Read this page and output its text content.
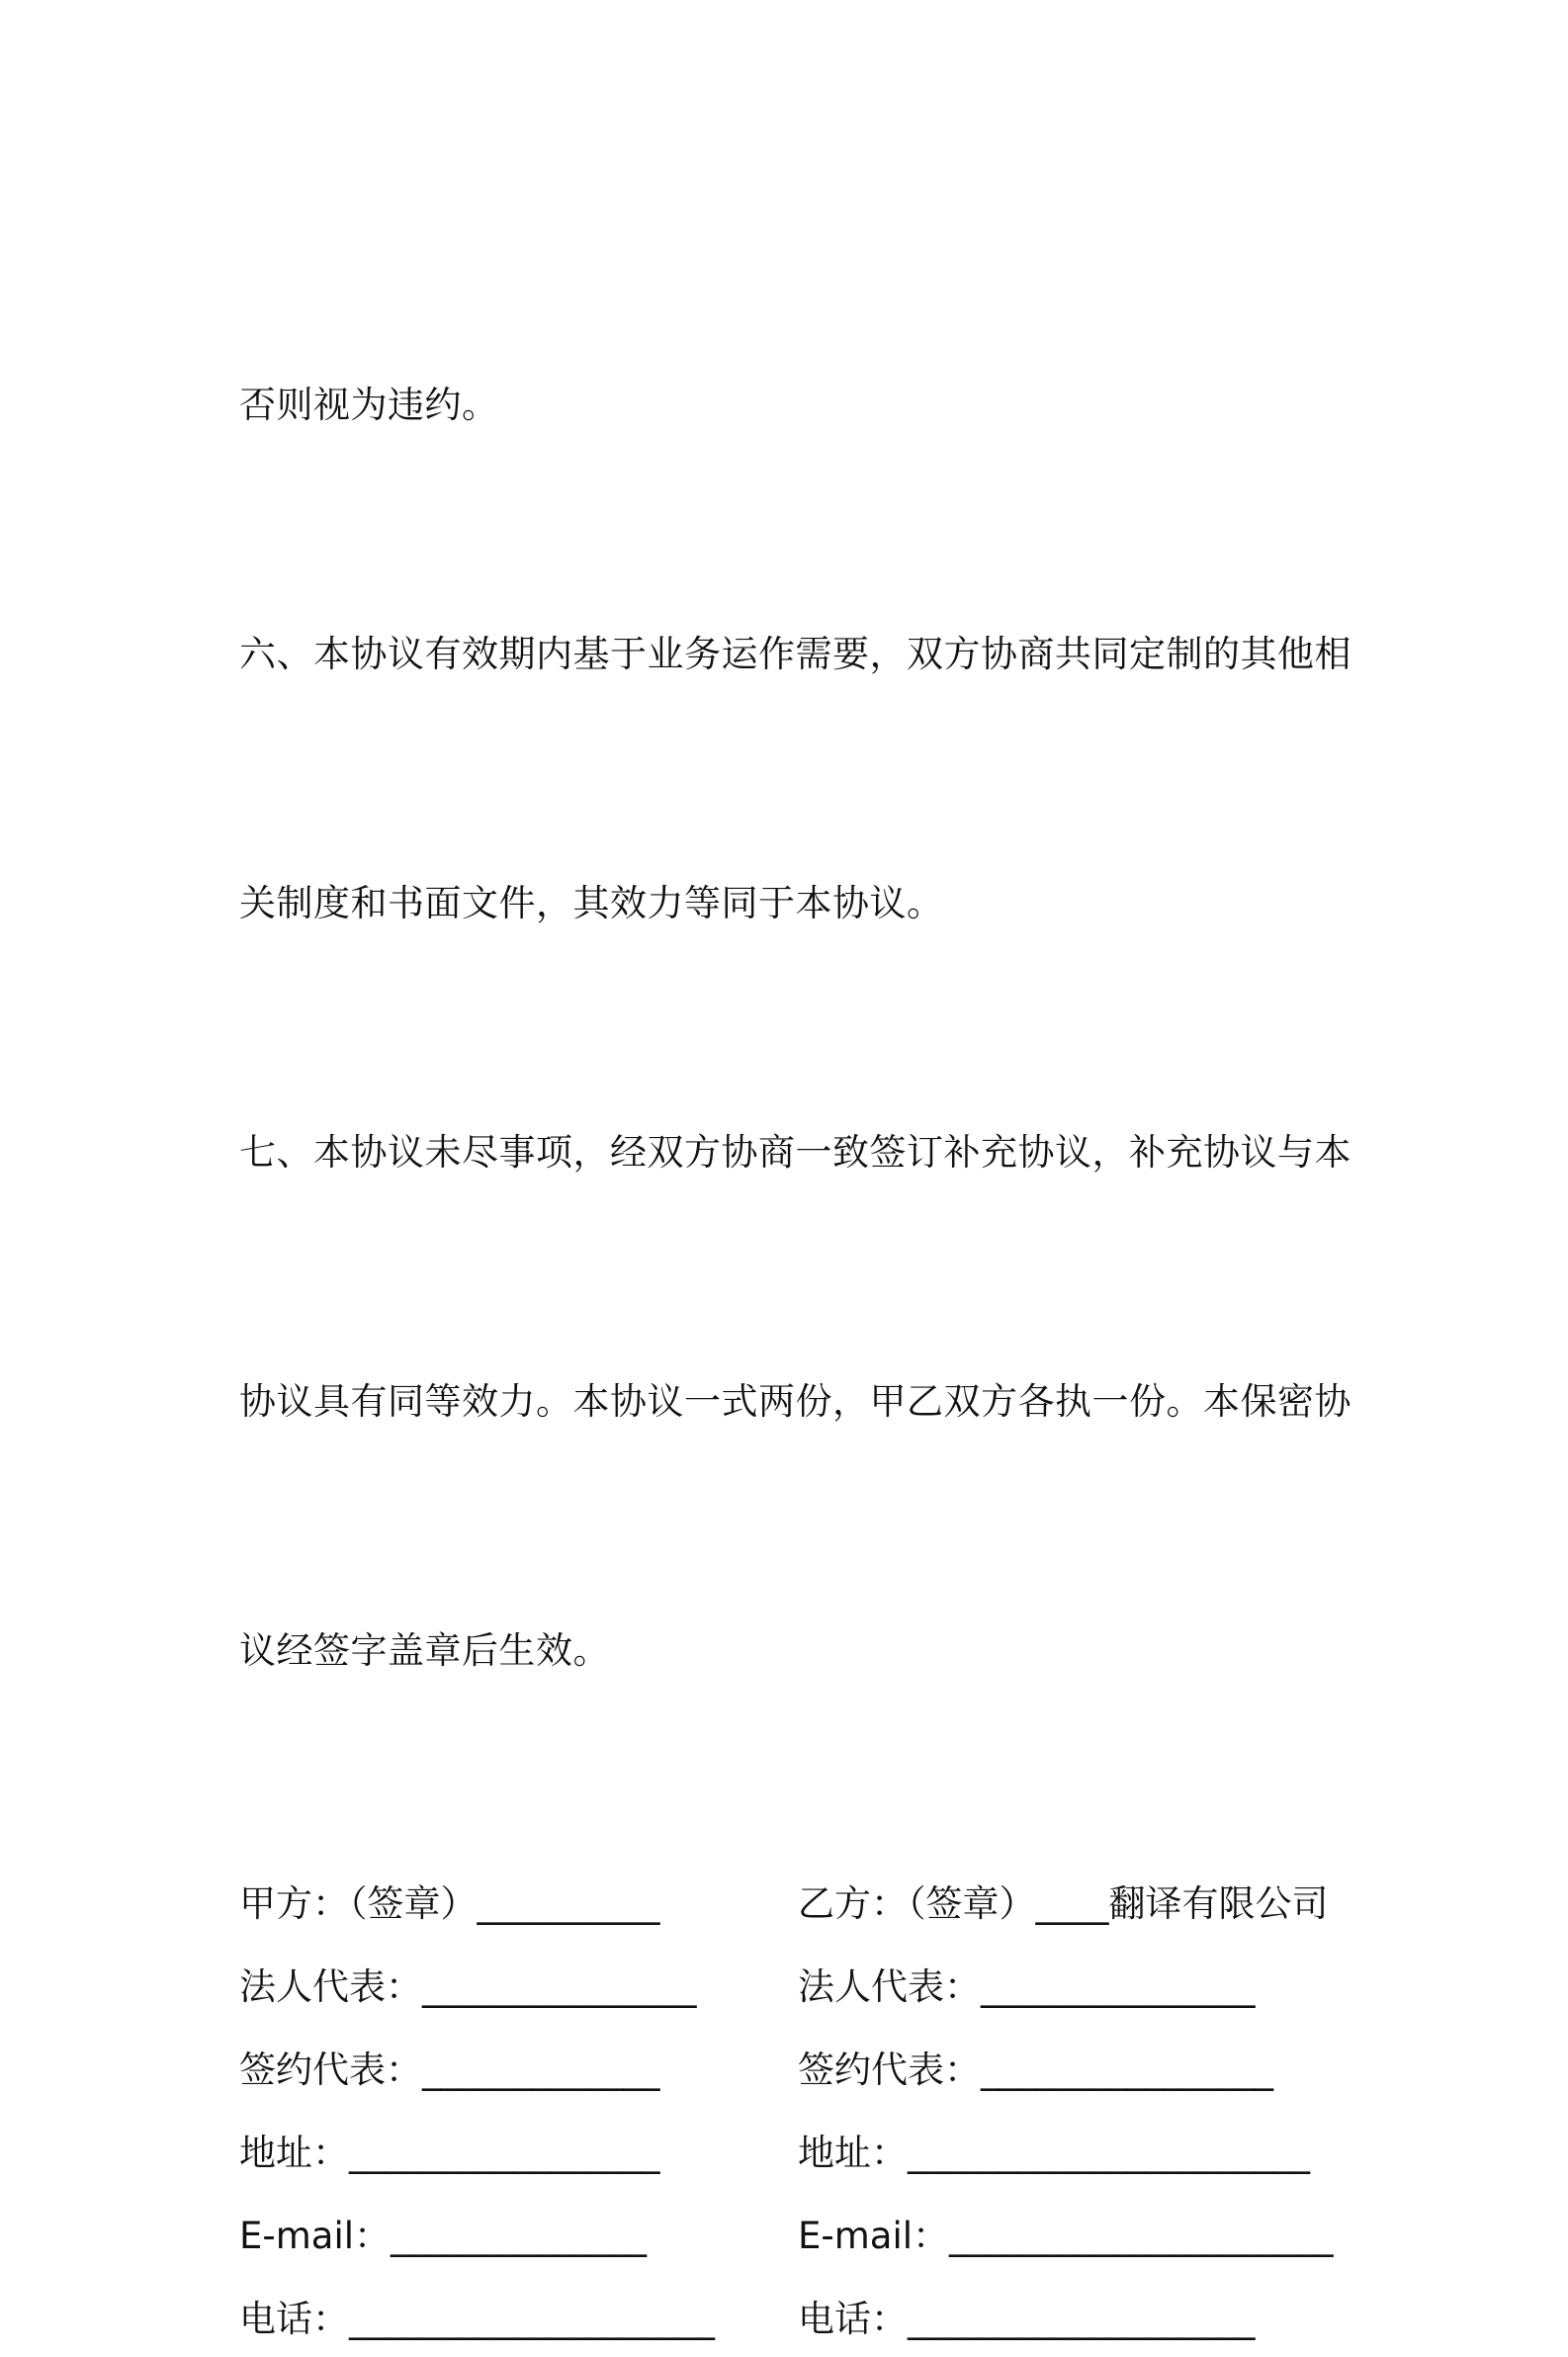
否则视为违约。

六、本协议有效期内基于业务运作需要，双方协商共同定制的其他相

关制度和书面文件，其效力等同于本协议。

七、本协议未尽事项，经双方协商一致签订补充协议，补充协议与本

协议具有同等效力。本协议一式两份，甲乙双方各执一份。本保密协

议经签字盖章后生效。

甲方：（签章）__________	乙方：（签章）____翻译有限公司
法人代表：_______________	法人代表：_______________
签约代表：_____________	签约代表：________________
地址：_________________	地址：______________________
E-mail：______________	E-mail：_____________________
电话：____________________	电话：___________________
